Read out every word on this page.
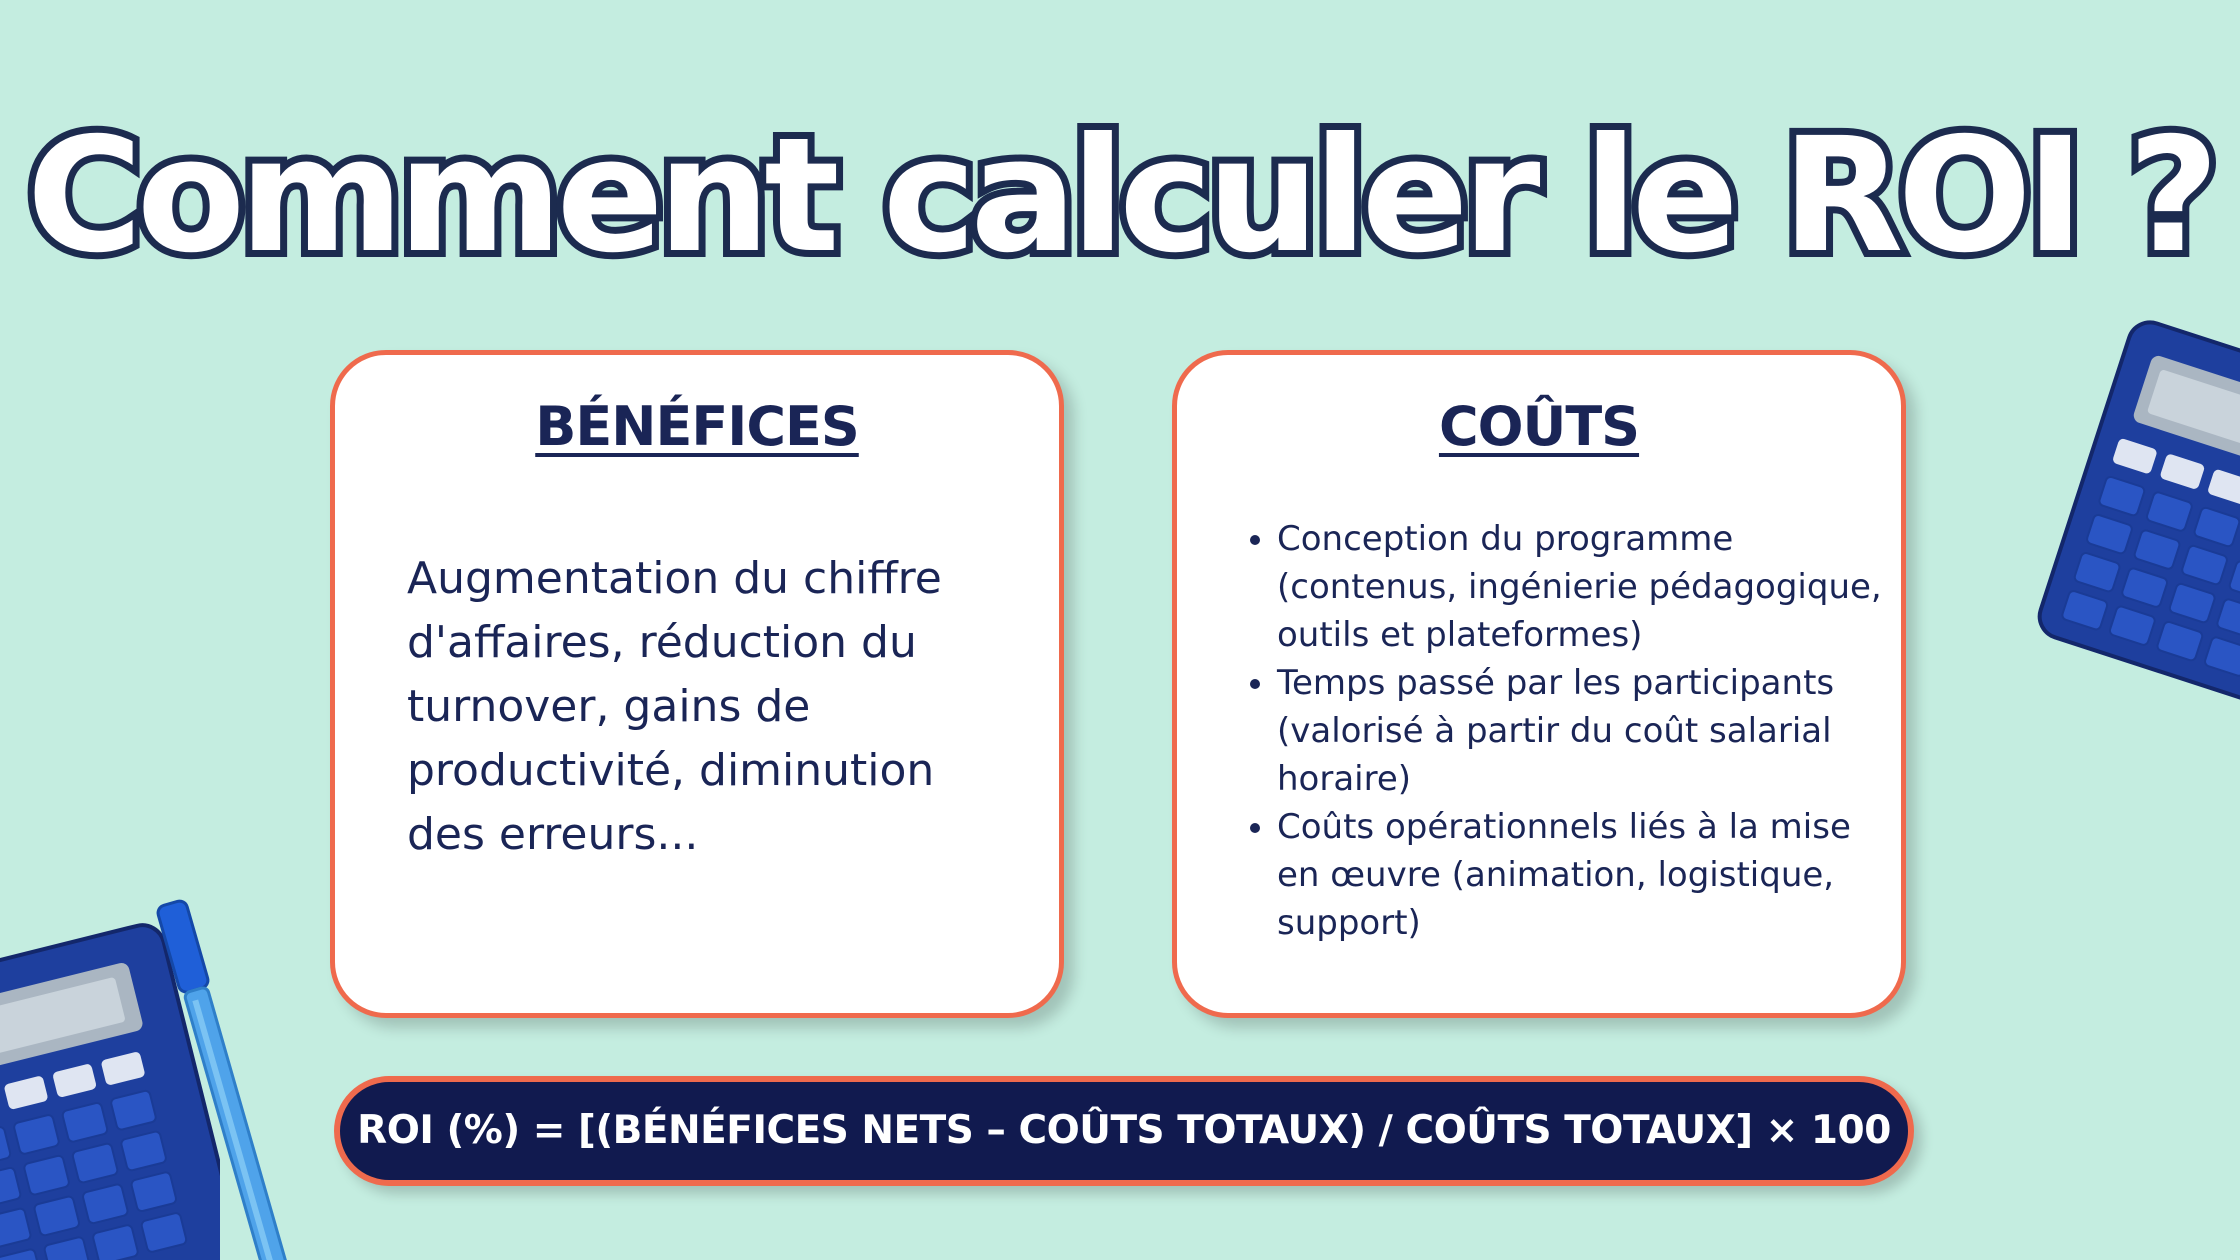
Comment calculer le ROI ?
BÉNÉFICES

Augmentation du chiffre d'affaires, réduction du turnover, gains de productivité, diminution des erreurs...

COÛTS
• Conception du programme (contenus, ingénierie pédagogique, outils et plateformes)
• Temps passé par les participants (valorisé à partir du coût salarial horaire)
• Coûts opérationnels liés à la mise en œuvre (animation, logistique, support)
ROI (%) = [(BÉNÉFICES NETS – COÛTS TOTAUX) / COÛTS TOTAUX] × 100
